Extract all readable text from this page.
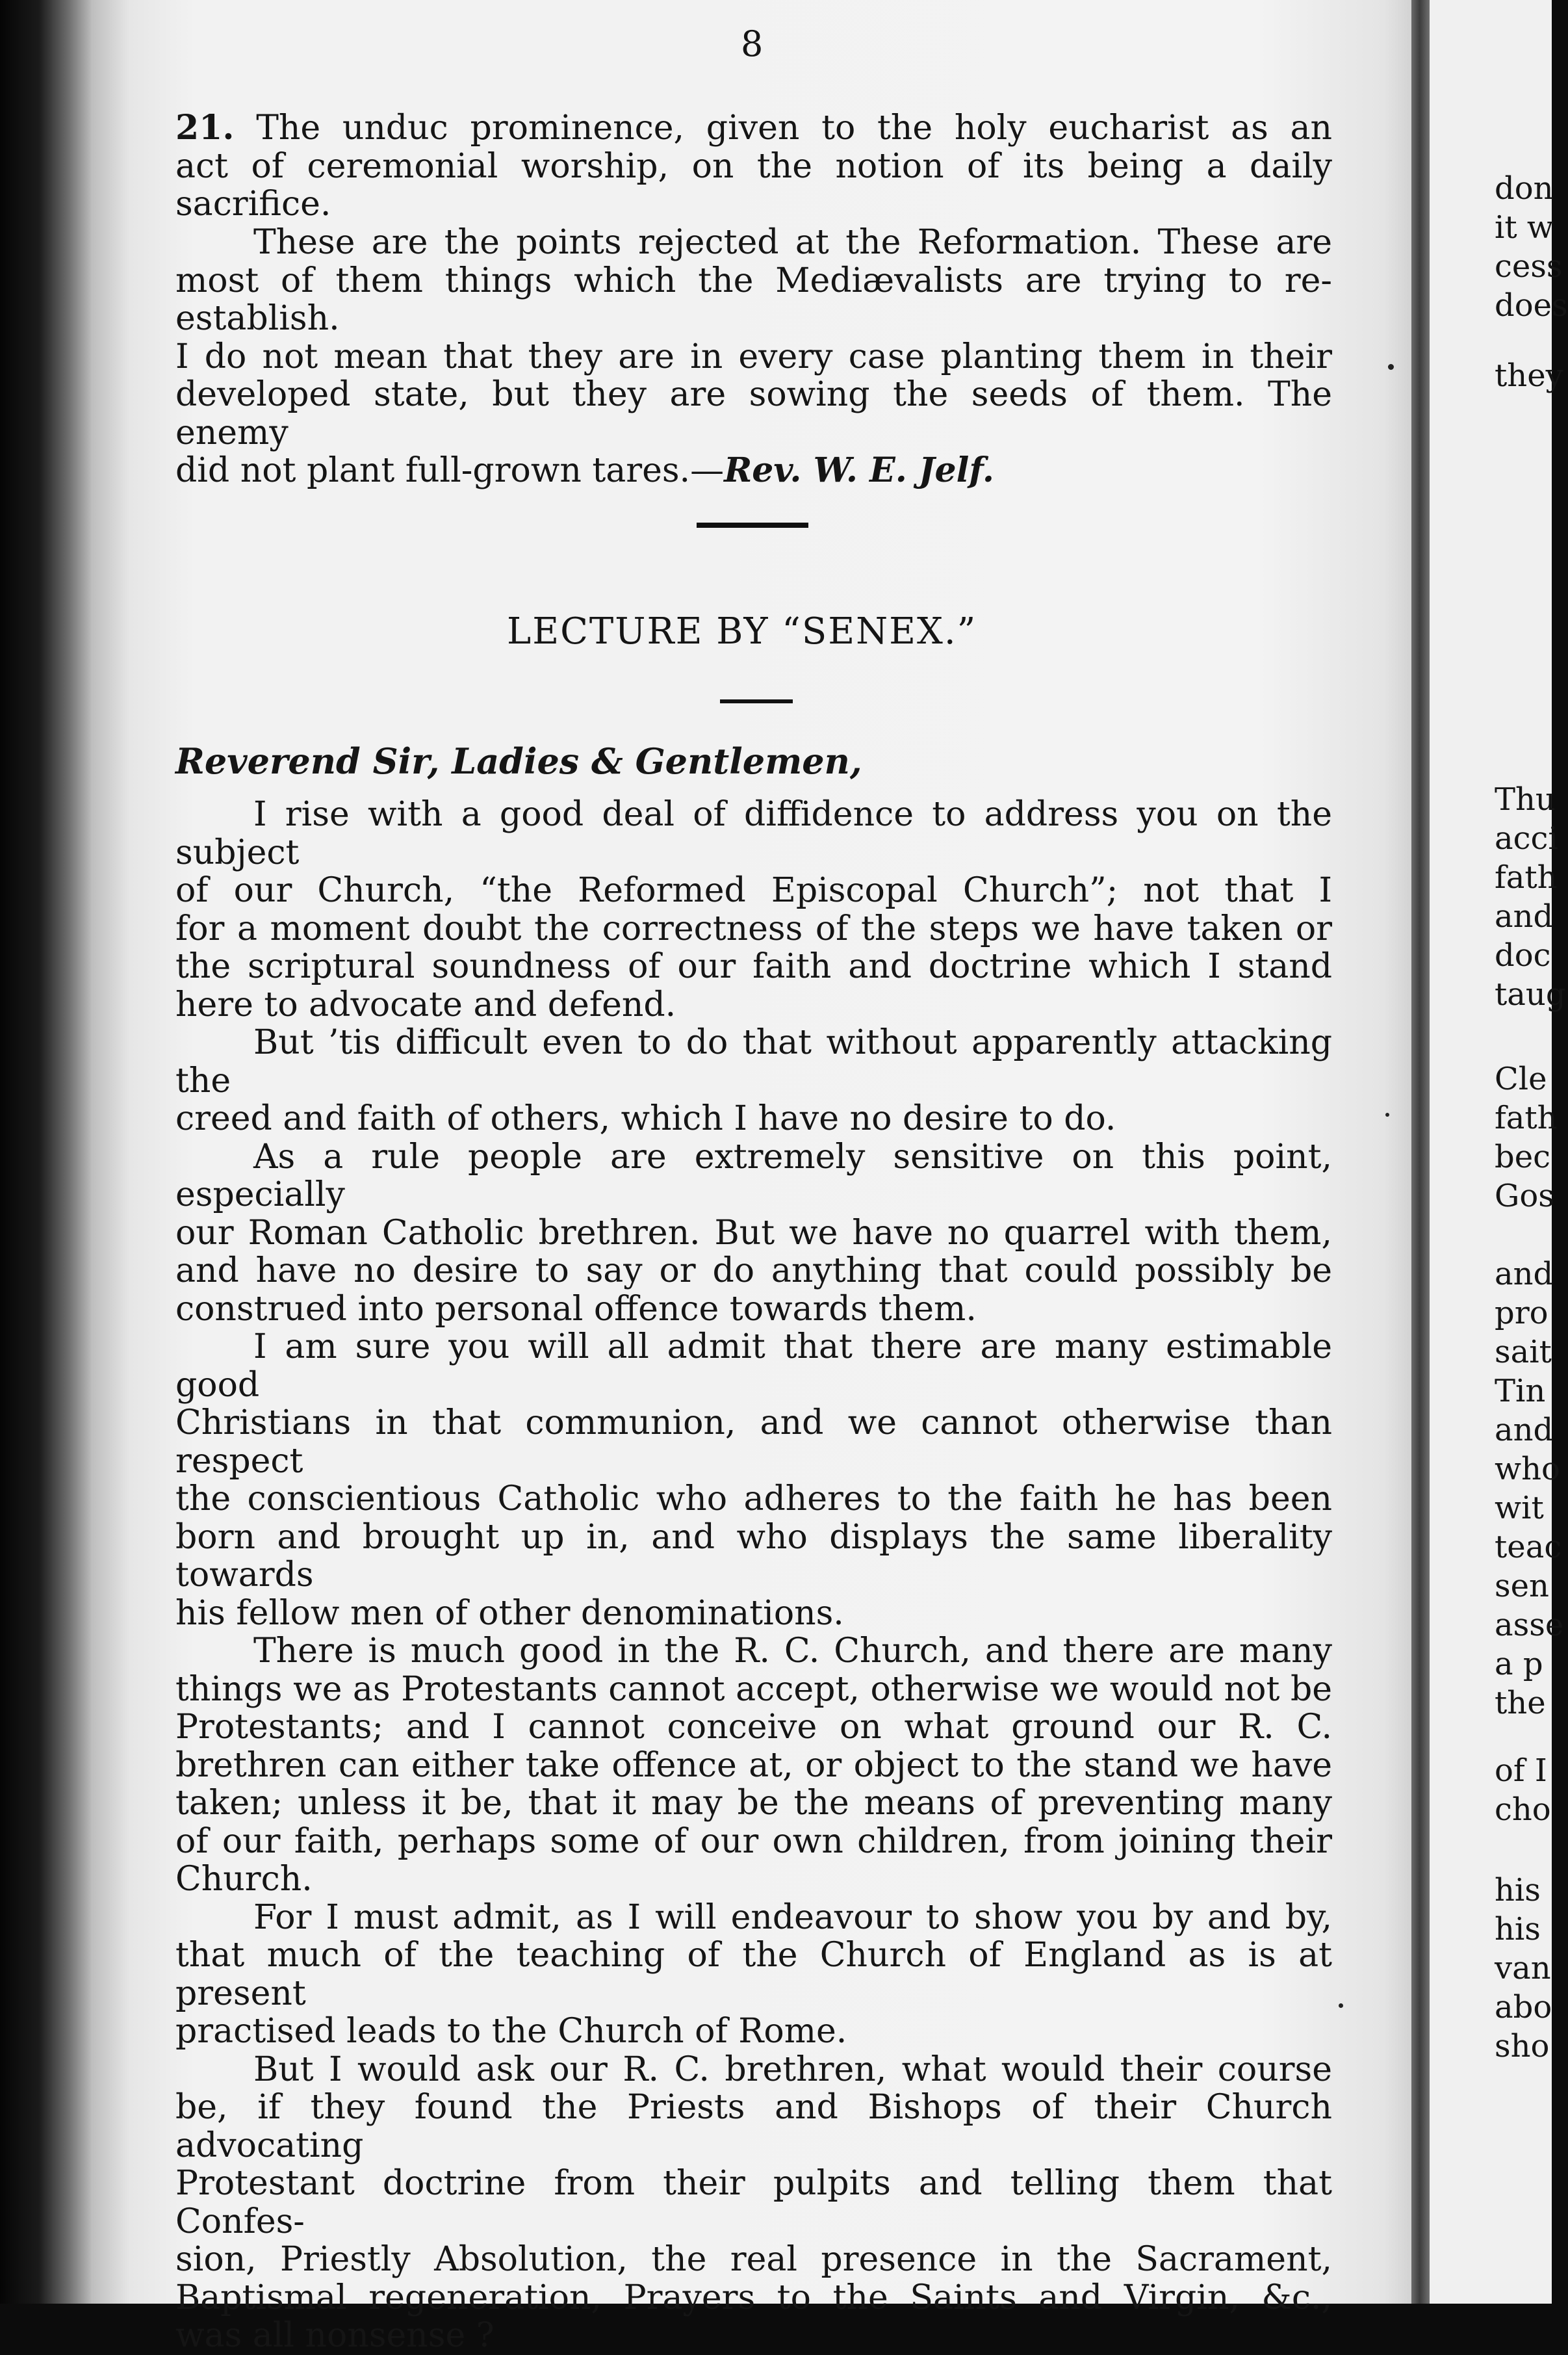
8

21. The unduc prominence, given to the holy eucharist as an

act of ceremonial worship, on the notion of its being a daily

sacrifice.

These are the points rejected at the Reformation. These are

most of them things which the Mediævalists are trying to re-establish.

I do not mean that they are in every case planting them in their

developed state, but they are sowing the seeds of them. The enemy

did not plant full-grown tares.—Rev. W. E. Jelf.

LECTURE BY “SENEX.”
Reverend Sir, Ladies & Gentlemen,

I rise with a good deal of diffidence to address you on the subject

of our Church, “the Reformed Episcopal Church”; not that I

for a moment doubt the correctness of the steps we have taken or

the scriptural soundness of our faith and doctrine which I stand

here to advocate and defend.

But ’tis difficult even to do that without apparently attacking the

creed and faith of others, which I have no desire to do.

As a rule people are extremely sensitive on this point, especially

our Roman Catholic brethren. But we have no quarrel with them,

and have no desire to say or do anything that could possibly be

construed into personal offence towards them.

I am sure you will all admit that there are many estimable good

Christians in that communion, and we cannot otherwise than respect

the conscientious Catholic who adheres to the faith he has been

born and brought up in, and who displays the same liberality towards

his fellow men of other denominations.

There is much good in the R. C. Church, and there are many

things we as Protestants cannot accept, otherwise we would not be

Protestants; and I cannot conceive on what ground our R. C.

brethren can either take offence at, or object to the stand we have

taken; unless it be, that it may be the means of preventing many

of our faith, perhaps some of our own children, from joining their

Church.

For I must admit, as I will endeavour to show you by and by,

that much of the teaching of the Church of England as is at present

practised leads to the Church of Rome.

But I would ask our R. C. brethren, what would their course

be, if they found the Priests and Bishops of their Church advocating

Protestant doctrine from their pulpits and telling them that Confes-

sion, Priestly Absolution, the real presence in the Sacrament,

Baptismal regeneration, Prayers to the Saints and Virgin, &c.,

was all nonsense ?

don
it w
cess
does
they
Thu
acci
fath
and
doc
taug
Cle
fath
bec
Gos
and
pro
sait
Tin
and
who
wit
teac
sen
asse
a p
the
of I
cho
his
his
van
abo
sho
